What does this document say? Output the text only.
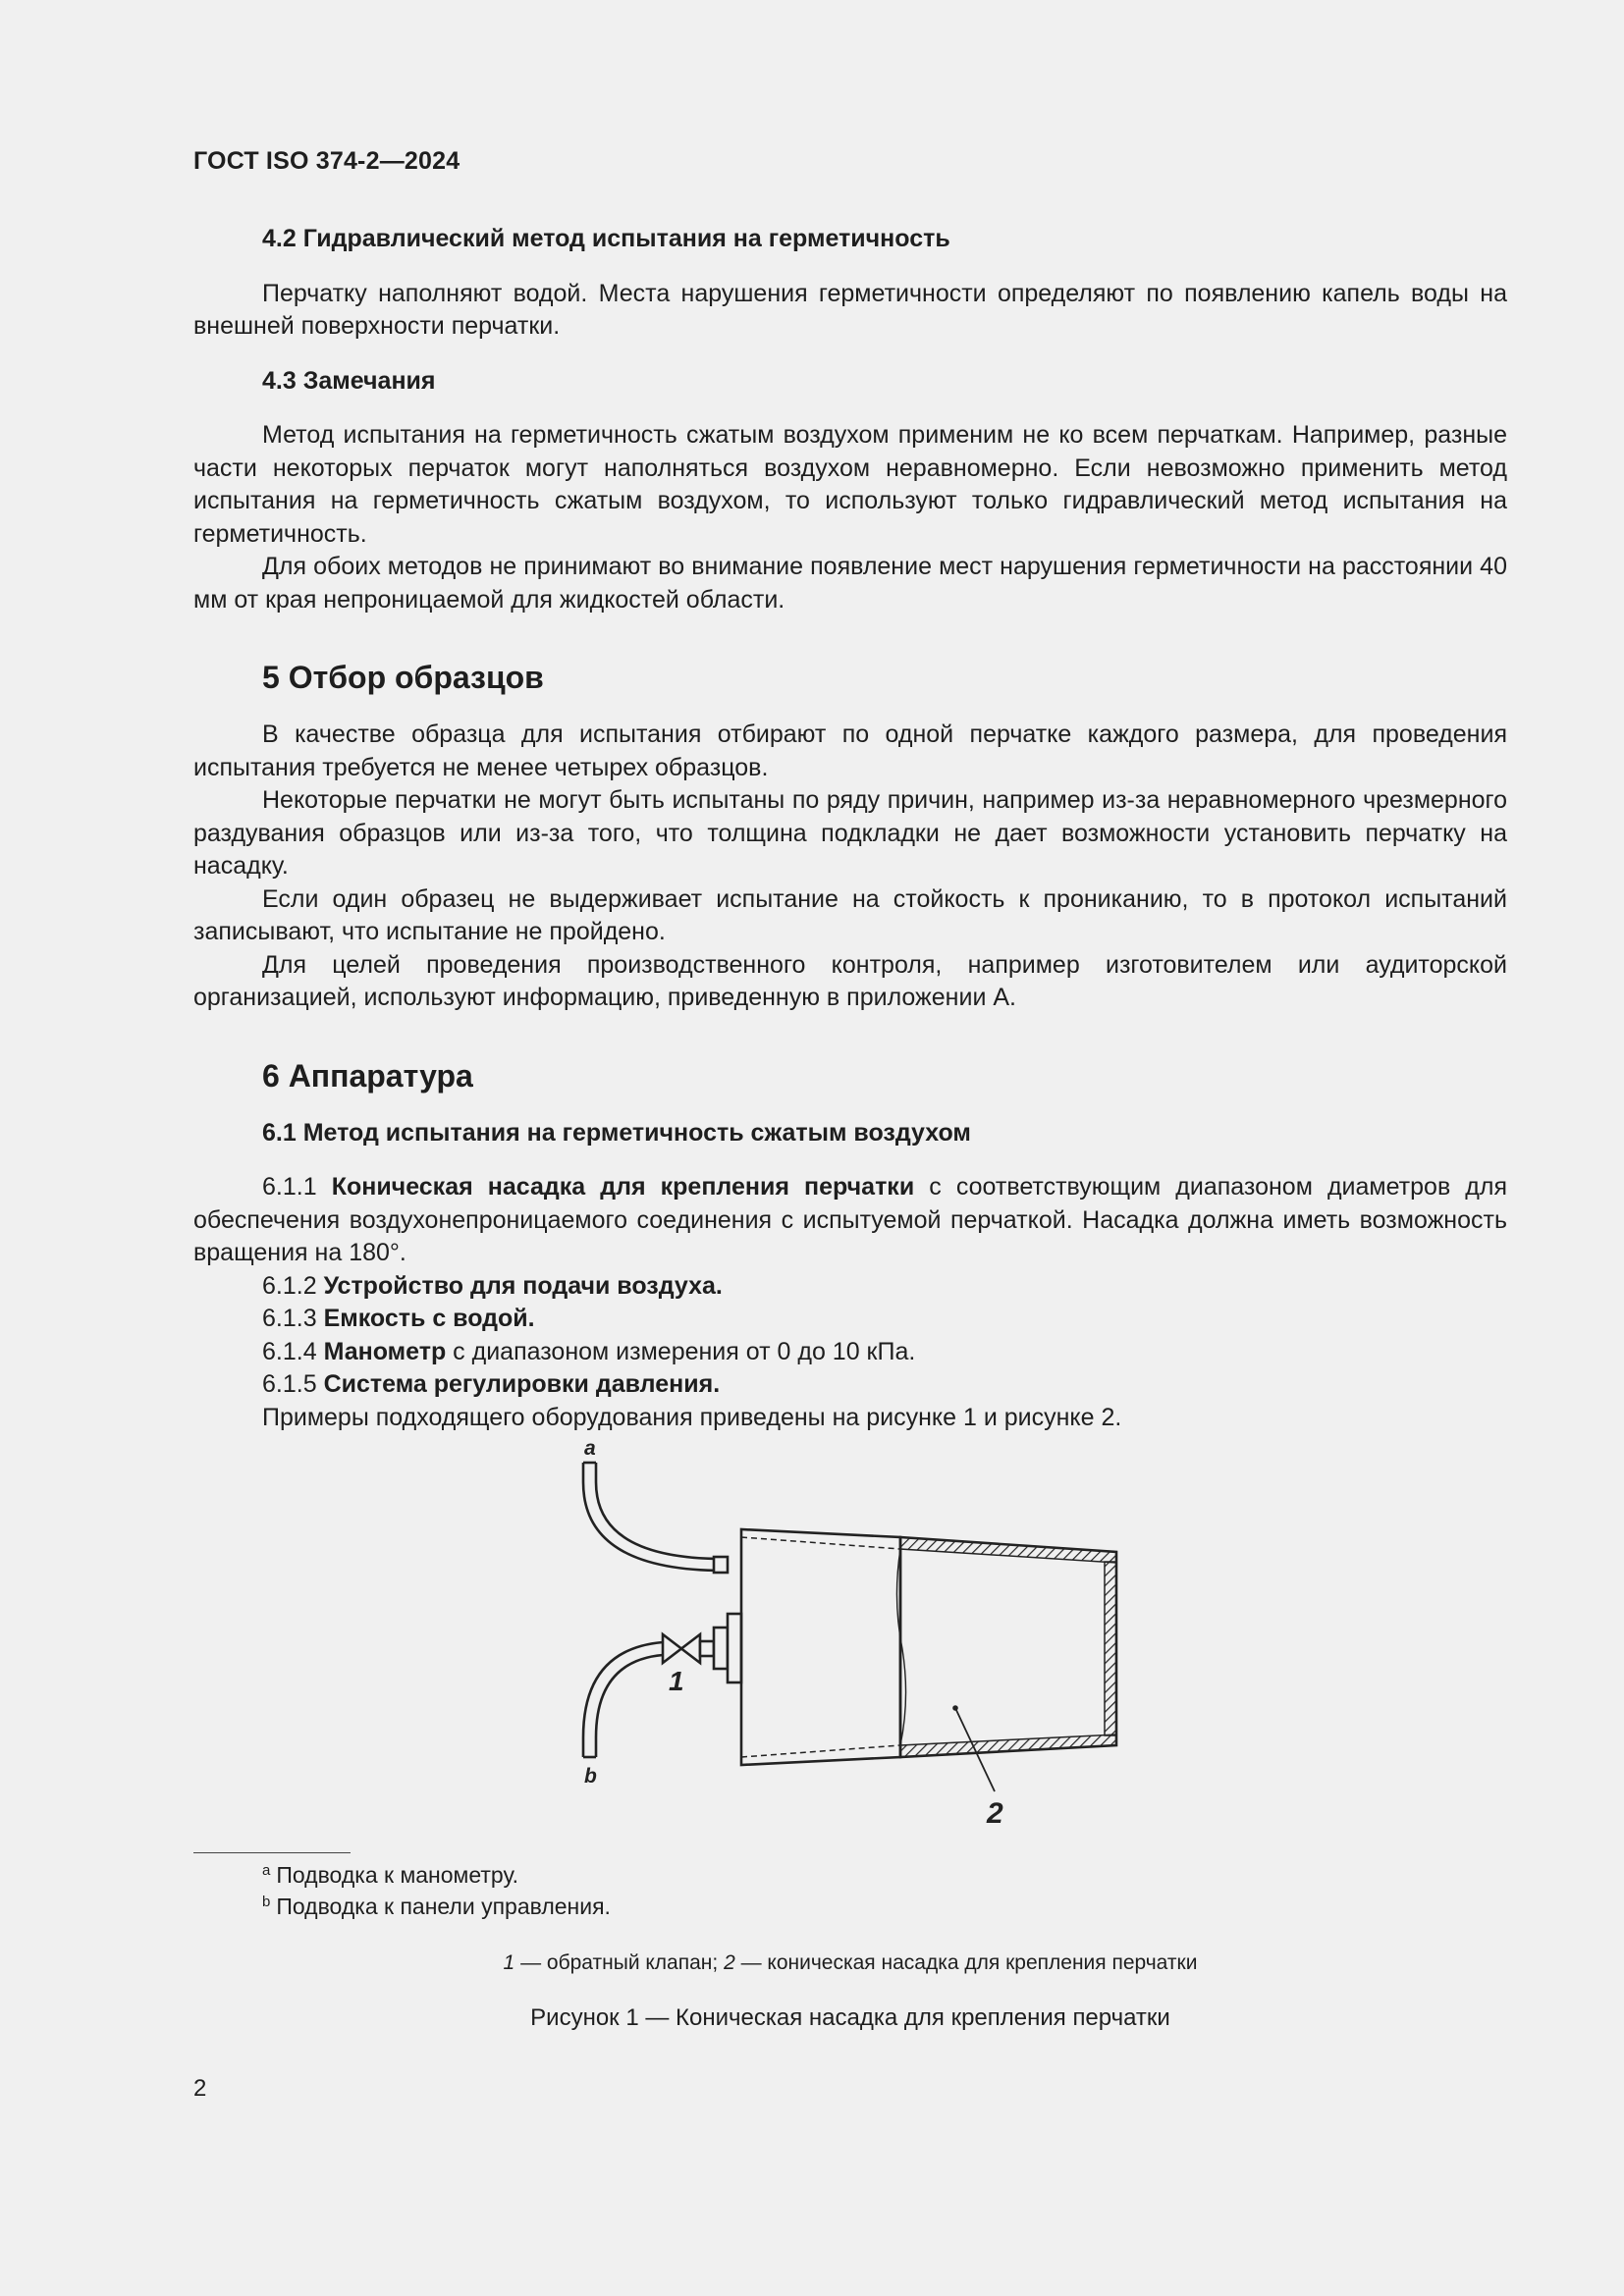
ГОСТ ISO 374-2—2024
4.2 Гидравлический метод испытания на герметичность

Перчатку наполняют водой. Места нарушения герметичности определяют по появлению капель воды на внешней поверхности перчатки.

4.3 Замечания

Метод испытания на герметичность сжатым воздухом применим не ко всем перчаткам. Например, разные части некоторых перчаток могут наполняться воздухом неравномерно. Если невозможно применить метод испытания на герметичность сжатым воздухом, то используют только гидравлический метод испытания на герметичность.

Для обоих методов не принимают во внимание появление мест нарушения герметичности на расстоянии 40 мм от края непроницаемой для жидкостей области.

5 Отбор образцов

В качестве образца для испытания отбирают по одной перчатке каждого размера, для проведения испытания требуется не менее четырех образцов.

Некоторые перчатки не могут быть испытаны по ряду причин, например из-за неравномерного чрезмерного раздувания образцов или из-за того, что толщина подкладки не дает возможности установить перчатку на насадку.

Если один образец не выдерживает испытание на стойкость к прониканию, то в протокол испытаний записывают, что испытание не пройдено.

Для целей проведения производственного контроля, например изготовителем или аудиторской организацией, используют информацию, приведенную в приложении А.

6 Аппаратура
6.1 Метод испытания на герметичность сжатым воздухом

6.1.1 Коническая насадка для крепления перчатки с соответствующим диапазоном диаметров для обеспечения воздухонепроницаемого соединения с испытуемой перчаткой. Насадка должна иметь возможность вращения на 180°.

6.1.2 Устройство для подачи воздуха.
6.1.3 Емкость с водой.
6.1.4 Манометр с диапазоном измерения от 0 до 10 кПа.

6.1.5 Система регулировки давления.
Примеры подходящего оборудования приведены на рисунке 1 и рисунке 2.
a
b
1
2
$^a$ Подводка к манометру.
$^b$ Подводка к панели управления.
1 — обратный клапан; 2 — коническая насадка для крепления перчатки
Рисунок 1 — Коническая насадка для крепления перчатки
2
